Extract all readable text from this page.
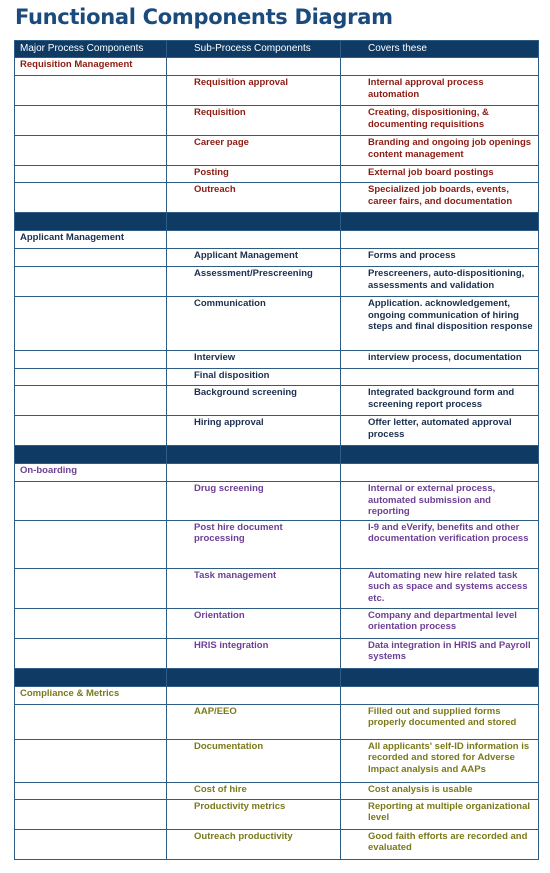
Functional Components Diagram
Major Process Components	Sub-Process Components	Covers these
Requisition Management		
	Requisition approval	Internal approval process automation
	Requisition	Creating, dispositioning, & documenting requisitions
	Career page	Branding and ongoing job openings content management
	Posting	External job board postings
	Outreach	Specialized job boards, events, career fairs, and documentation

Applicant Management		
	Applicant Management	Forms and process
	Assessment/Prescreening	Prescreeners, auto-dispositioning, assessments and validation
	Communication	Application. acknowledgement, ongoing communication of hiring steps and final disposition response
	Interview	interview process, documentation
	Final disposition	
	Background screening	Integrated background form and screening report process
	Hiring approval	Offer letter, automated approval process

On-boarding		
	Drug screening	Internal or external process, automated submission and reporting
	Post hire document processing	I-9 and eVerify, benefits and other documentation verification process
	Task management	Automating new hire related task such as space and systems access etc.
	Orientation	Company and departmental level orientation process
	HRIS integration	Data integration in HRIS and Payroll systems

Compliance & Metrics		
	AAP/EEO	Filled out and supplied forms properly documented and stored
	Documentation	All applicants' self-ID information is recorded and stored for Adverse Impact analysis and AAPs
	Cost of hire	Cost analysis is usable
	Productivity metrics	Reporting at multiple organizational level
	Outreach productivity	Good faith efforts are recorded and evaluated
